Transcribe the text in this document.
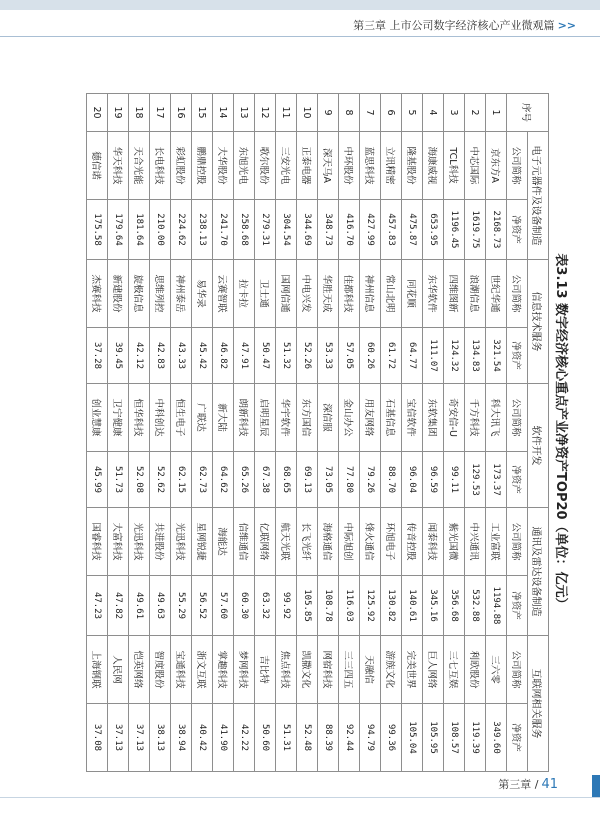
第三章 上市公司数字经济核心产业微观篇 >>
表3.13 数字经济核心重点产业净资产TOP20（单位：亿元）
序号	电子元器件及设备制造		信息技术服务		软件开发		通讯及雷达设备制造		互联网相关服务	
	公司简称	净资产	公司简称	净资产	公司简称	净资产	公司简称	净资产	公司简称	净资产
1	京东方A	2168.73	世纪华通	321.54	科大讯飞	173.37	工业富联	1194.88	三六零	349.60
2	中芯国际	1619.75	浪潮信息	134.83	千方科技	129.53	中兴通讯	532.88	利欧股份	119.39
3	TCL科技	1196.45	四维图新	124.32	奇安信-U	99.11	紫光国微	356.68	三七互娱	108.57
4	海康威视	653.95	东华软件	111.07	东软集团	96.59	闻泰科技	345.16	巨人网络	105.95
5	隆基股份	475.87	同花顺	64.77	宝信软件	96.04	传音控股	140.61	完美世界	105.04
6	立讯精密	457.83	常山北明	61.72	石基信息	88.70	环旭电子	130.82	游族文化	99.36
7	蓝思科技	427.99	神州信息	60.26	用友网络	79.26	烽火通信	125.92	天融信	94.79
8	中环股份	416.70	佳都科技	57.05	金山办公	77.80	中际旭创	116.03	三三四五	92.44
9	深天马A	348.73	华胜天成	53.33	深信服	73.05	海格通信	108.78	网宿科技	88.39
10	正泰电器	344.69	中电兴发	52.26	东方国信	69.13	长飞光纤	105.85	凯撒文化	52.48
11	三安光电	304.54	国网信通	51.32	华宇软件	68.65	航天光联	99.92	焦点科技	51.31
12	歌尔股份	279.31	卫士通	50.47	启明星辰	67.38	亿联网络	63.32	吉比特	50.60
13	东旭光电	258.68	拉卡拉	47.91	朗新科技	65.26	信维通信	60.30	梦网科技	42.22
14	大华股份	241.70	云赛智联	46.82	新大陆	64.62	海能达	57.60	掌趣科技	41.90
15	鹏鼎控股	238.13	易华录	45.42	广联达	62.73	星网锐捷	56.52	浙文互联	40.42
16	彩虹股份	224.62	神州泰岳	43.33	恒生电子	62.15	光迅科技	55.29	宝通科技	38.94
17	长电科技	210.00	思维列控	42.83	中科创达	52.62	共进股份	49.63	智度股份	38.13
18	天合光能	181.64	旋极信息	42.12	恒华科技	52.08	光迅科技	49.61	恺英网络	37.13
19	华天科技	179.64	新建股份	39.45	卫宁健康	51.73	大富科技	47.82	人民网	37.13
20	德信诺	175.58	杰赛科技	37.28	创业慧康	45.99	国睿科技	47.23	上海钢联	37.08
第三章 / 41
